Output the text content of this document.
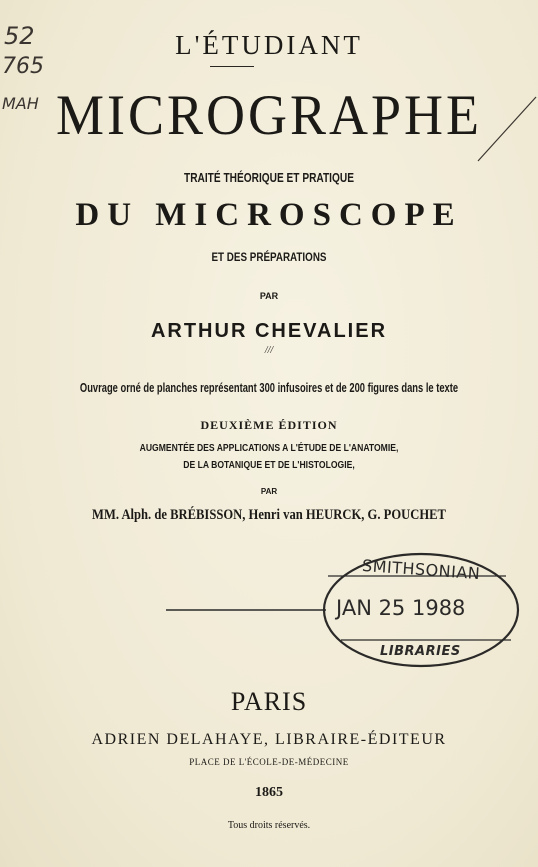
52
765
MAH
L'ÉTUDIANT
MICROGRAPHE
TRAITÉ THÉORIQUE ET PRATIQUE
DU MICROSCOPE
ET DES PRÉPARATIONS
PAR
ARTHUR CHEVALIER
///
Ouvrage orné de planches représentant 300 infusoires et de 200 figures dans le texte
DEUXIÈME ÉDITION
AUGMENTÉE DES APPLICATIONS A L'ÉTUDE DE L'ANATOMIE,
DE LA BOTANIQUE ET DE L'HISTOLOGIE,
PAR
MM. Alph. de BRÉBISSON, Henri van HEURCK, G. POUCHET
SMITHSONIAN
JAN 25 1988
LIBRARIES
PARIS
ADRIEN DELAHAYE, LIBRAIRE-ÉDITEUR
PLACE DE L'ÉCOLE-DE-MÉDECINE
1865
Tous droits réservés.
